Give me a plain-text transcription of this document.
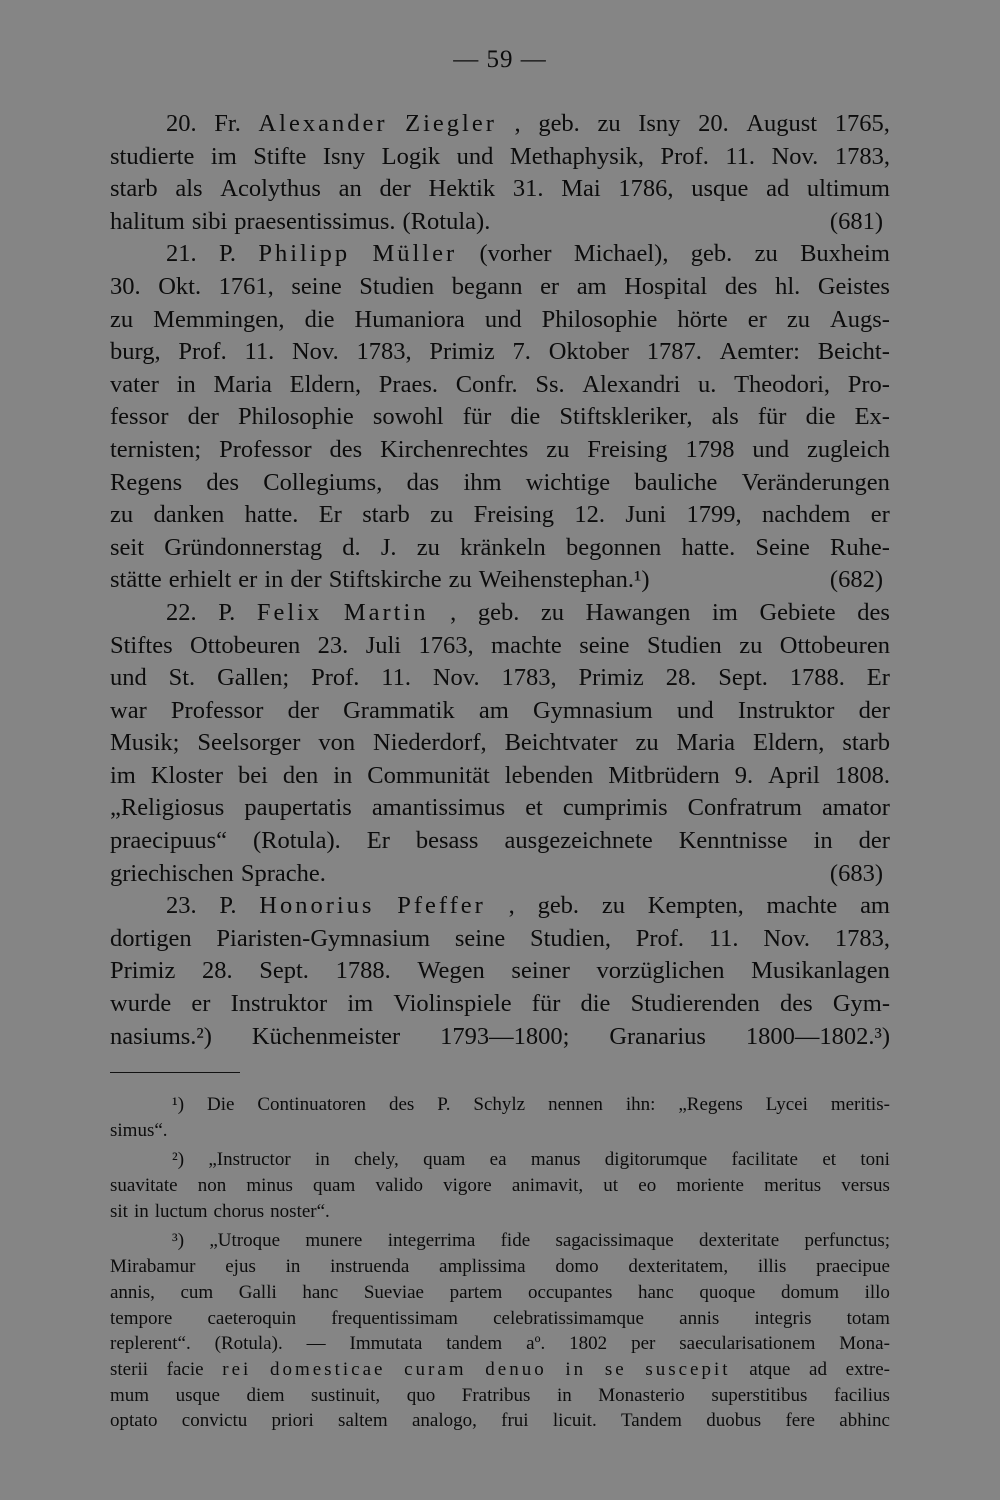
— 59 —
20. Fr. Alexander Ziegler , geb. zu Isny 20. August 1765,
studierte im Stifte Isny Logik und Methaphysik, Prof. 11. Nov. 1783,
starb als Acolythus an der Hektik 31. Mai 1786, usque ad ultimum
halitum sibi praesentissimus. (Rotula).	(681)
21. P. Philipp Müller (vorher Michael), geb. zu Buxheim
30. Okt. 1761, seine Studien begann er am Hospital des hl. Geistes
zu Memmingen, die Humaniora und Philosophie hörte er zu Augs-
burg, Prof. 11. Nov. 1783, Primiz 7. Oktober 1787. Aemter: Beicht-
vater in Maria Eldern, Praes. Confr. Ss. Alexandri u. Theodori, Pro-
fessor der Philosophie sowohl für die Stiftskleriker, als für die Ex-
ternisten; Professor des Kirchenrechtes zu Freising 1798 und zugleich
Regens des Collegiums, das ihm wichtige bauliche Veränderungen
zu danken hatte. Er starb zu Freising 12. Juni 1799, nachdem er
seit Gründonnerstag d. J. zu kränkeln begonnen hatte. Seine Ruhe-
stätte erhielt er in der Stiftskirche zu Weihenstephan.¹)	(682)
22. P. Felix Martin , geb. zu Hawangen im Gebiete des
Stiftes Ottobeuren 23. Juli 1763, machte seine Studien zu Ottobeuren
und St. Gallen; Prof. 11. Nov. 1783, Primiz 28. Sept. 1788. Er
war Professor der Grammatik am Gymnasium und Instruktor der
Musik; Seelsorger von Niederdorf, Beichtvater zu Maria Eldern, starb
im Kloster bei den in Communität lebenden Mitbrüdern 9. April 1808.
„Religiosus paupertatis amantissimus et cumprimis Confratrum amator
praecipuus“ (Rotula). Er besass ausgezeichnete Kenntnisse in der
griechischen Sprache.	(683)
23. P. Honorius Pfeffer , geb. zu Kempten, machte am
dortigen Piaristen-Gymnasium seine Studien, Prof. 11. Nov. 1783,
Primiz 28. Sept. 1788. Wegen seiner vorzüglichen Musikanlagen
wurde er Instruktor im Violinspiele für die Studierenden des Gym-
nasiums.²) Küchenmeister 1793—1800; Granarius 1800—1802.³)
¹) Die Continuatoren des P. Schylz nennen ihn: „Regens Lycei meritis-
simus“.
²) „Instructor in chely, quam ea manus digitorumque facilitate et toni
suavitate non minus quam valido vigore animavit, ut eo moriente meritus versus
sit in luctum chorus noster“.
³) „Utroque munere integerrima fide sagacissimaque dexteritate perfunctus;
Mirabamur ejus in instruenda amplissima domo dexteritatem, illis praecipue
annis, cum Galli hanc Sueviae partem occupantes hanc quoque domum illo
tempore caeteroquin frequentissimam celebratissimamque annis integris totam
replerent“. (Rotula). — Immutata tandem aº. 1802 per saecularisationem Mona-
sterii facie rei domesticae curam denuo in se suscepit atque ad extre-
mum usque diem sustinuit, quo Fratribus in Monasterio superstitibus facilius
optato convictu priori saltem analogo, frui licuit. Tandem duobus fere abhinc
